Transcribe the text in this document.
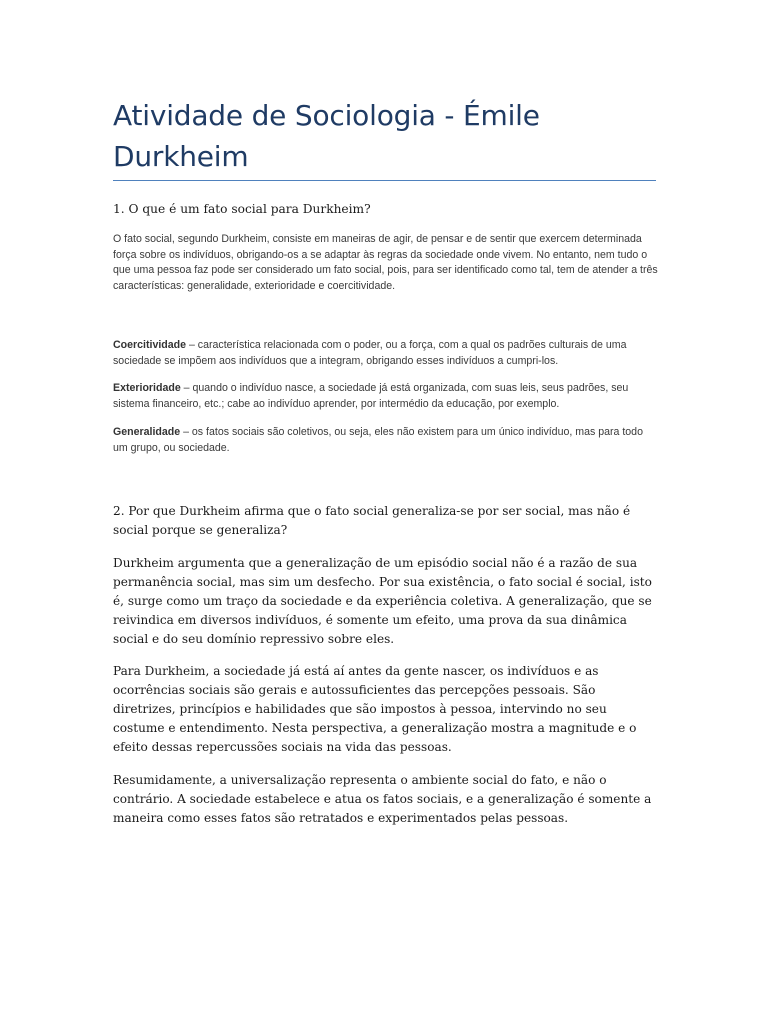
Atividade de Sociologia - Émile Durkheim

1. O que é um fato social para Durkheim?

O fato social, segundo Durkheim, consiste em maneiras de agir, de pensar e de sentir que exercem determinada força sobre os indivíduos, obrigando-os a se adaptar às regras da sociedade onde vivem. No entanto, nem tudo o que uma pessoa faz pode ser considerado um fato social, pois, para ser identificado como tal, tem de atender a três características: generalidade, exterioridade e coercitividade.

Coercitividade – característica relacionada com o poder, ou a força, com a qual os padrões culturais de uma sociedade se impõem aos indivíduos que a integram, obrigando esses indivíduos a cumpri-los.

Exterioridade – quando o indivíduo nasce, a sociedade já está organizada, com suas leis, seus padrões, seu sistema financeiro, etc.; cabe ao indivíduo aprender, por intermédio da educação, por exemplo.

Generalidade – os fatos sociais são coletivos, ou seja, eles não existem para um único indivíduo, mas para todo um grupo, ou sociedade.

2. Por que Durkheim afirma que o fato social generaliza-se por ser social, mas não é social porque se generaliza?

Durkheim argumenta que a generalização de um episódio social não é a razão de sua permanência social, mas sim um desfecho. Por sua existência, o fato social é social, isto é, surge como um traço da sociedade e da experiência coletiva. A generalização, que se reivindica em diversos indivíduos, é somente um efeito, uma prova da sua dinâmica social e do seu domínio repressivo sobre eles.

Para Durkheim, a sociedade já está aí antes da gente nascer, os indivíduos e as ocorrências sociais são gerais e autossuficientes das percepções pessoais. São diretrizes, princípios e habilidades que são impostos à pessoa, intervindo no seu costume e entendimento. Nesta perspectiva, a generalização mostra a magnitude e o efeito dessas repercussões sociais na vida das pessoas.

Resumidamente, a universalização representa o ambiente social do fato, e não o contrário. A sociedade estabelece e atua os fatos sociais, e a generalização é somente a maneira como esses fatos são retratados e experimentados pelas pessoas.
